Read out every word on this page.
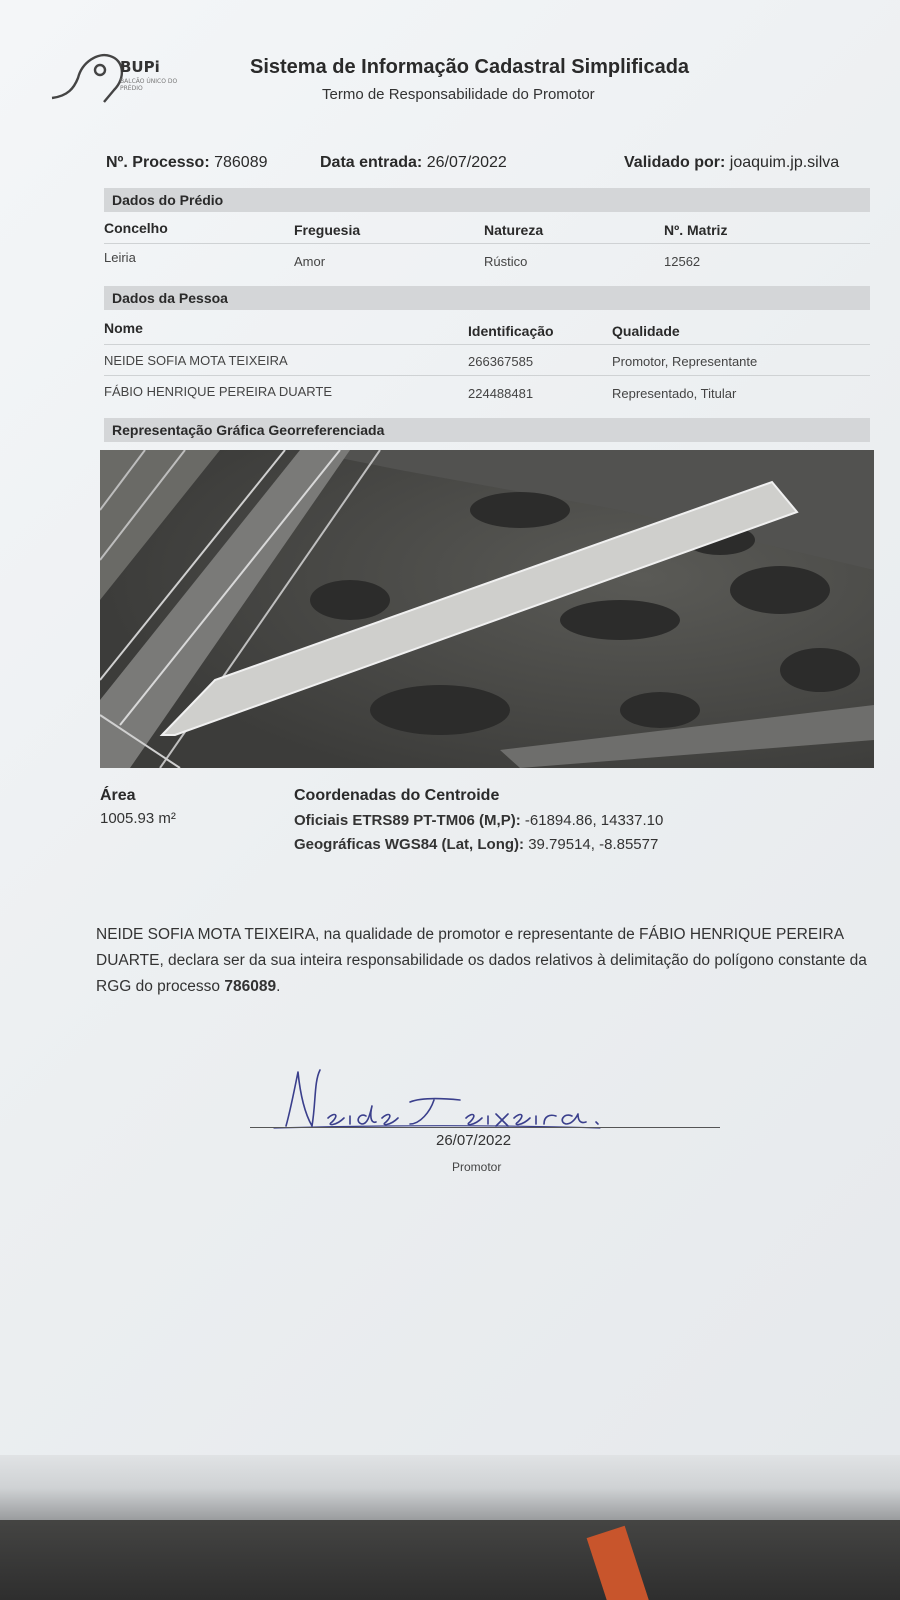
BUPi
BALCÃO ÚNICO DO PRÉDIO
Sistema de Informação Cadastral Simplificada
Termo de Responsabilidade do Promotor
Nº. Processo: 786089	Data entrada: 26/07/2022	Validado por: joaquim.jp.silva
Dados do Prédio
Concelho	Freguesia	Natureza	Nº. Matriz
Leiria	Amor	Rústico	12562
Dados da Pessoa
Nome	Identificação	Qualidade
NEIDE SOFIA MOTA TEIXEIRA	266367585	Promotor, Representante
FÁBIO HENRIQUE PEREIRA DUARTE	224488481	Representado, Titular
Representação Gráfica Georreferenciada
Área
1005.93 m²
Coordenadas do Centroide
Oficiais ETRS89 PT-TM06 (M,P): -61894.86, 14337.10
Geográficas WGS84 (Lat, Long): 39.79514, -8.85577
NEIDE SOFIA MOTA TEIXEIRA, na qualidade de promotor e representante de FÁBIO HENRIQUE PEREIRA DUARTE, declara ser da sua inteira responsabilidade os dados relativos à delimitação do polígono constante da RGG do processo 786089.
26/07/2022
Promotor
